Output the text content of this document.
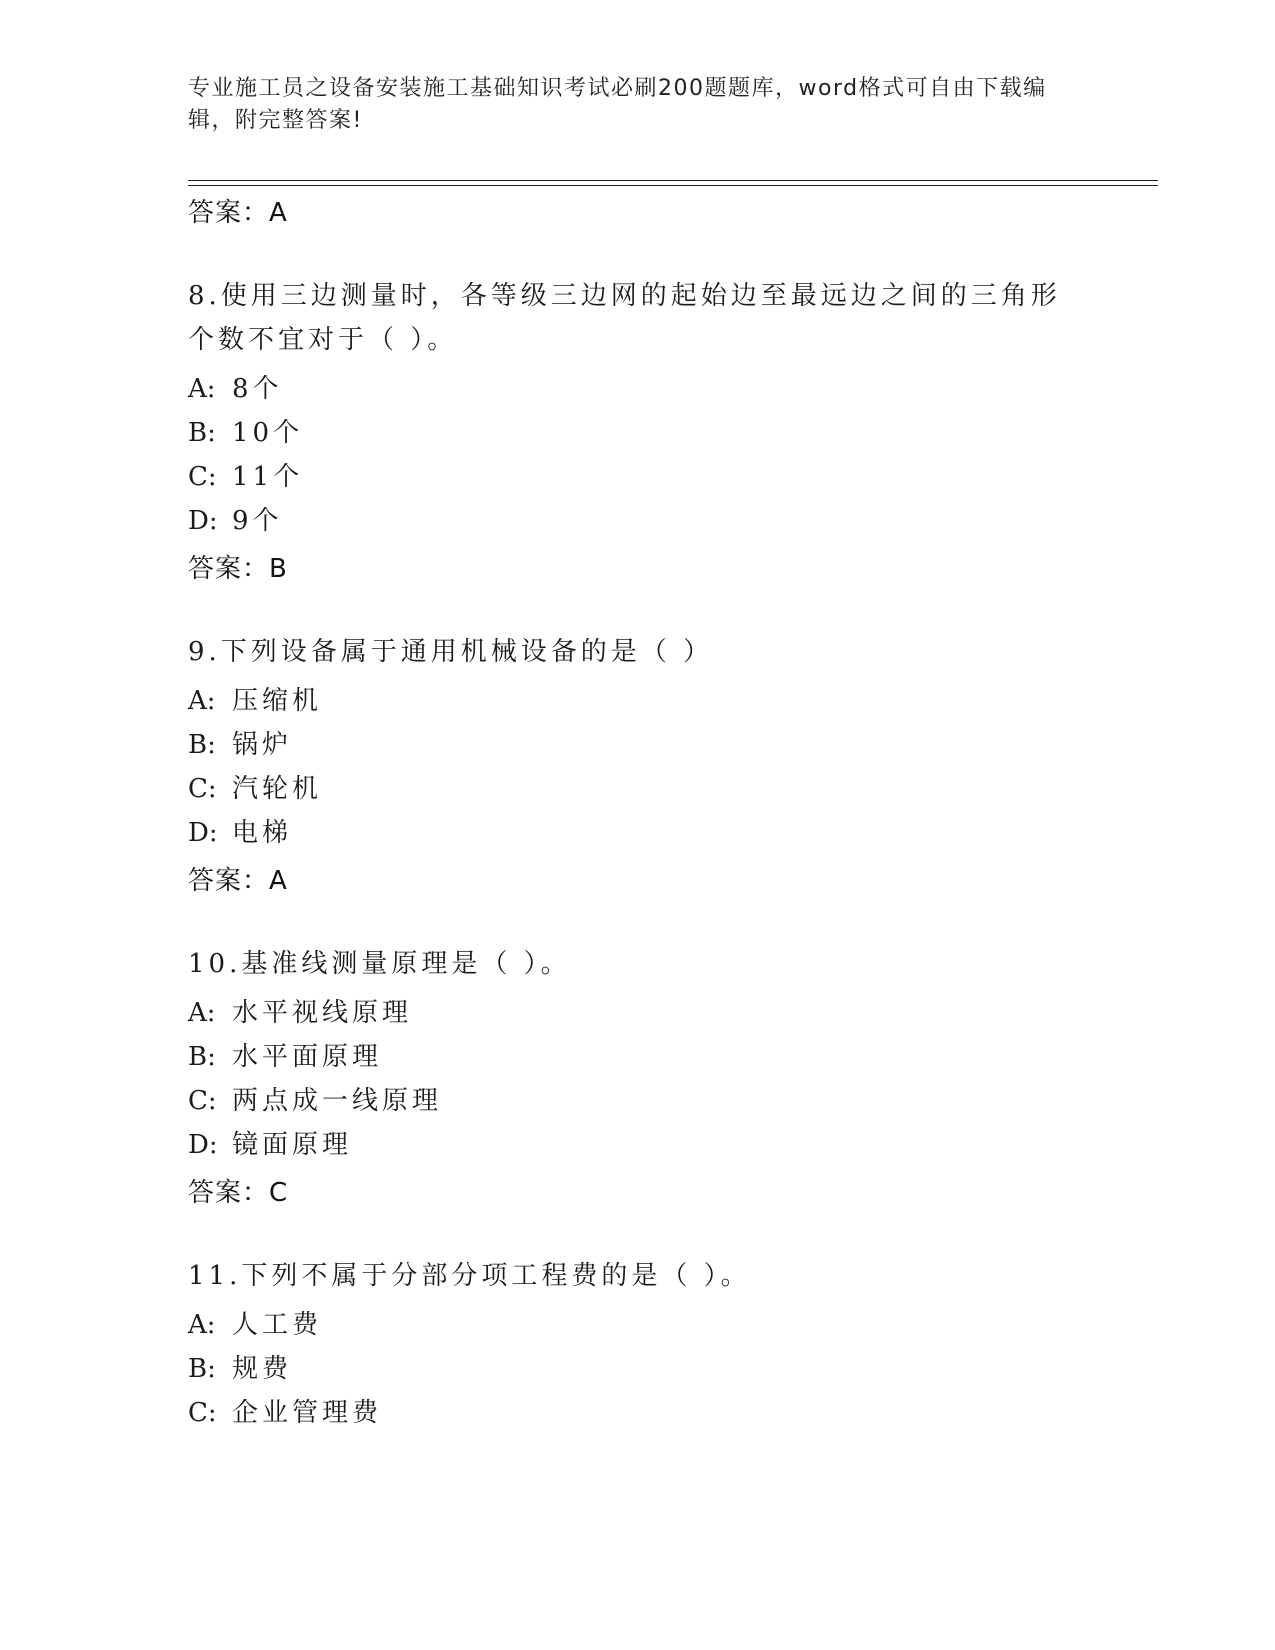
专业施工员之设备安装施工基础知识考试必刷200题题库，word格式可自由下载编辑，附完整答案!
答案：A
8.使用三边测量时，各等级三边网的起始边至最远边之间的三角形个数不宜对于（ ）。
A: 8个
B: 10个
C: 11个
D: 9个
答案：B
9.下列设备属于通用机械设备的是（ ）
A: 压缩机
B: 锅炉
C: 汽轮机
D: 电梯
答案：A
10.基准线测量原理是（ ）。
A: 水平视线原理
B: 水平面原理
C: 两点成一线原理
D: 镜面原理
答案：C
11.下列不属于分部分项工程费的是（ ）。
A: 人工费
B: 规费
C: 企业管理费
